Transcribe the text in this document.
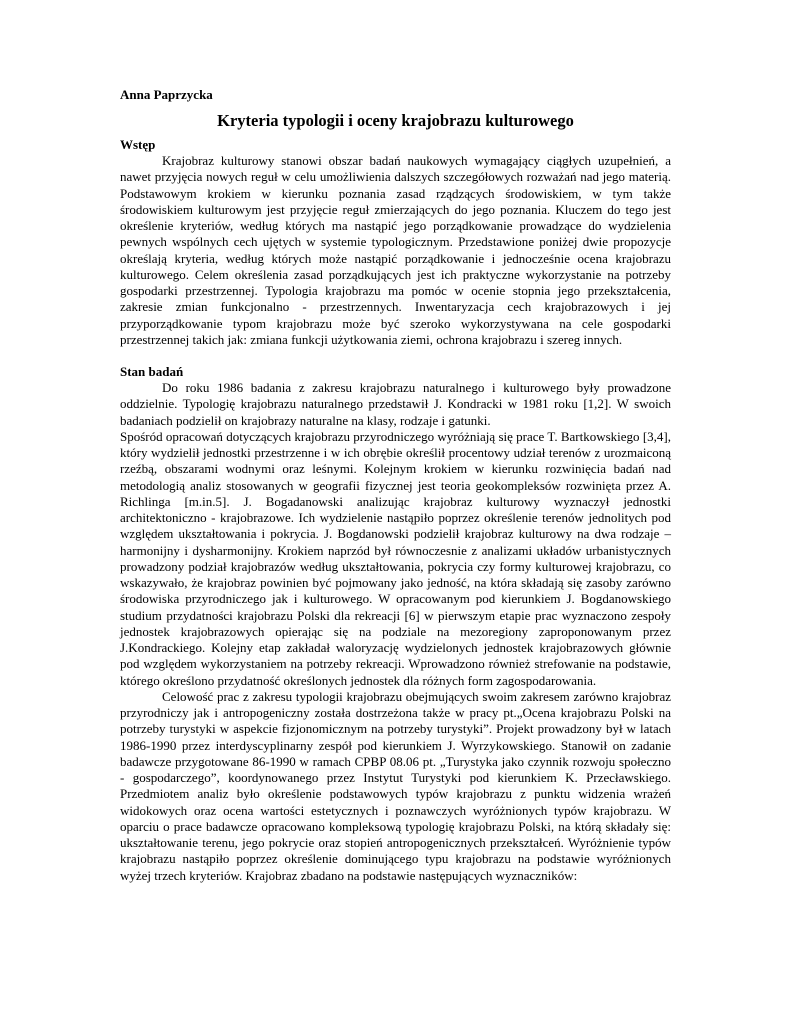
Anna Paprzycka

Kryteria typologii i oceny krajobrazu kulturowego
Wstęp

Krajobraz kulturowy stanowi obszar badań naukowych wymagający ciągłych uzupełnień, a nawet przyjęcia nowych reguł w celu umożliwienia dalszych szczegółowych rozważań nad jego materią. Podstawowym krokiem w kierunku poznania zasad rządzących środowiskiem, w tym także środowiskiem kulturowym jest przyjęcie reguł zmierzających do jego poznania. Kluczem do tego jest określenie kryteriów, według których ma nastąpić jego porządkowanie prowadzące do wydzielenia pewnych wspólnych cech ujętych w systemie typologicznym. Przedstawione poniżej dwie propozycje określają kryteria, według których może nastąpić porządkowanie i jednocześnie ocena krajobrazu kulturowego. Celem określenia zasad porządkujących jest ich praktyczne wykorzystanie na potrzeby gospodarki przestrzennej. Typologia krajobrazu ma pomóc w ocenie stopnia jego przekształcenia, zakresie zmian funkcjonalno - przestrzennych. Inwentaryzacja cech krajobrazowych i jej przyporządkowanie typom krajobrazu może być szeroko wykorzystywana na cele gospodarki przestrzennej takich jak: zmiana funkcji użytkowania ziemi, ochrona krajobrazu i szereg innych.

Stan badań

Do roku 1986 badania z zakresu krajobrazu naturalnego i kulturowego były prowadzone oddzielnie. Typologię krajobrazu naturalnego przedstawił J. Kondracki w 1981 roku [1,2]. W swoich badaniach podzielił on krajobrazy naturalne na klasy, rodzaje i gatunki.

Spośród opracowań dotyczących krajobrazu przyrodniczego wyróżniają się prace T. Bartkowskiego [3,4], który wydzielił jednostki przestrzenne i w ich obrębie określił procentowy udział terenów z urozmaiconą rzeźbą, obszarami wodnymi oraz leśnymi. Kolejnym krokiem w kierunku rozwinięcia badań nad metodologią analiz stosowanych w geografii fizycznej jest teoria geokompleksów rozwinięta przez A. Richlinga [m.in.5]. J. Bogadanowski analizując krajobraz kulturowy wyznaczył jednostki architektoniczno - krajobrazowe. Ich wydzielenie nastąpiło poprzez określenie terenów jednolitych pod względem ukształtowania i pokrycia. J. Bogdanowski podzielił krajobraz kulturowy na dwa rodzaje – harmonijny i dysharmonijny. Krokiem naprzód był równoczesnie z analizami układów urbanistycznych prowadzony podział krajobrazów według ukształtowania, pokrycia czy formy kulturowej krajobrazu, co wskazywało, że krajobraz powinien być pojmowany jako jedność, na która składają się zasoby zarówno środowiska przyrodniczego jak i kulturowego. W opracowanym pod kierunkiem J. Bogdanowskiego studium przydatności krajobrazu Polski dla rekreacji [6] w pierwszym etapie prac wyznaczono zespoły jednostek krajobrazowych opierając się na podziale na mezoregiony zaproponowanym przez J.Kondrackiego. Kolejny etap zakładał waloryzację wydzielonych jednostek krajobrazowych głównie pod względem wykorzystaniem na potrzeby rekreacji. Wprowadzono również strefowanie na podstawie, którego określono przydatność określonych jednostek dla różnych form zagospodarowania.

Celowość prac z zakresu typologii krajobrazu obejmujących swoim zakresem zarówno krajobraz przyrodniczy jak i antropogeniczny została dostrzeżona także w pracy pt.„Ocena krajobrazu Polski na potrzeby turystyki w aspekcie fizjonomicznym na potrzeby turystyki”. Projekt prowadzony był w latach 1986-1990 przez interdyscyplinarny zespół pod kierunkiem J. Wyrzykowskiego. Stanowił on zadanie badawcze przygotowane 86-1990 w ramach CPBP 08.06 pt. „Turystyka jako czynnik rozwoju społeczno - gospodarczego”, koordynowanego przez Instytut Turystyki pod kierunkiem K. Przecławskiego. Przedmiotem analiz było określenie podstawowych typów krajobrazu z punktu widzenia wrażeń widokowych oraz ocena wartości estetycznych i poznawczych wyróżnionych typów krajobrazu. W oparciu o prace badawcze opracowano kompleksową typologię krajobrazu Polski, na którą składały się: ukształtowanie terenu, jego pokrycie oraz stopień antropogenicznych przekształceń. Wyróżnienie typów krajobrazu nastąpiło poprzez określenie dominującego typu krajobrazu na podstawie wyróżnionych wyżej trzech kryteriów. Krajobraz zbadano na podstawie następujących wyznaczników:
